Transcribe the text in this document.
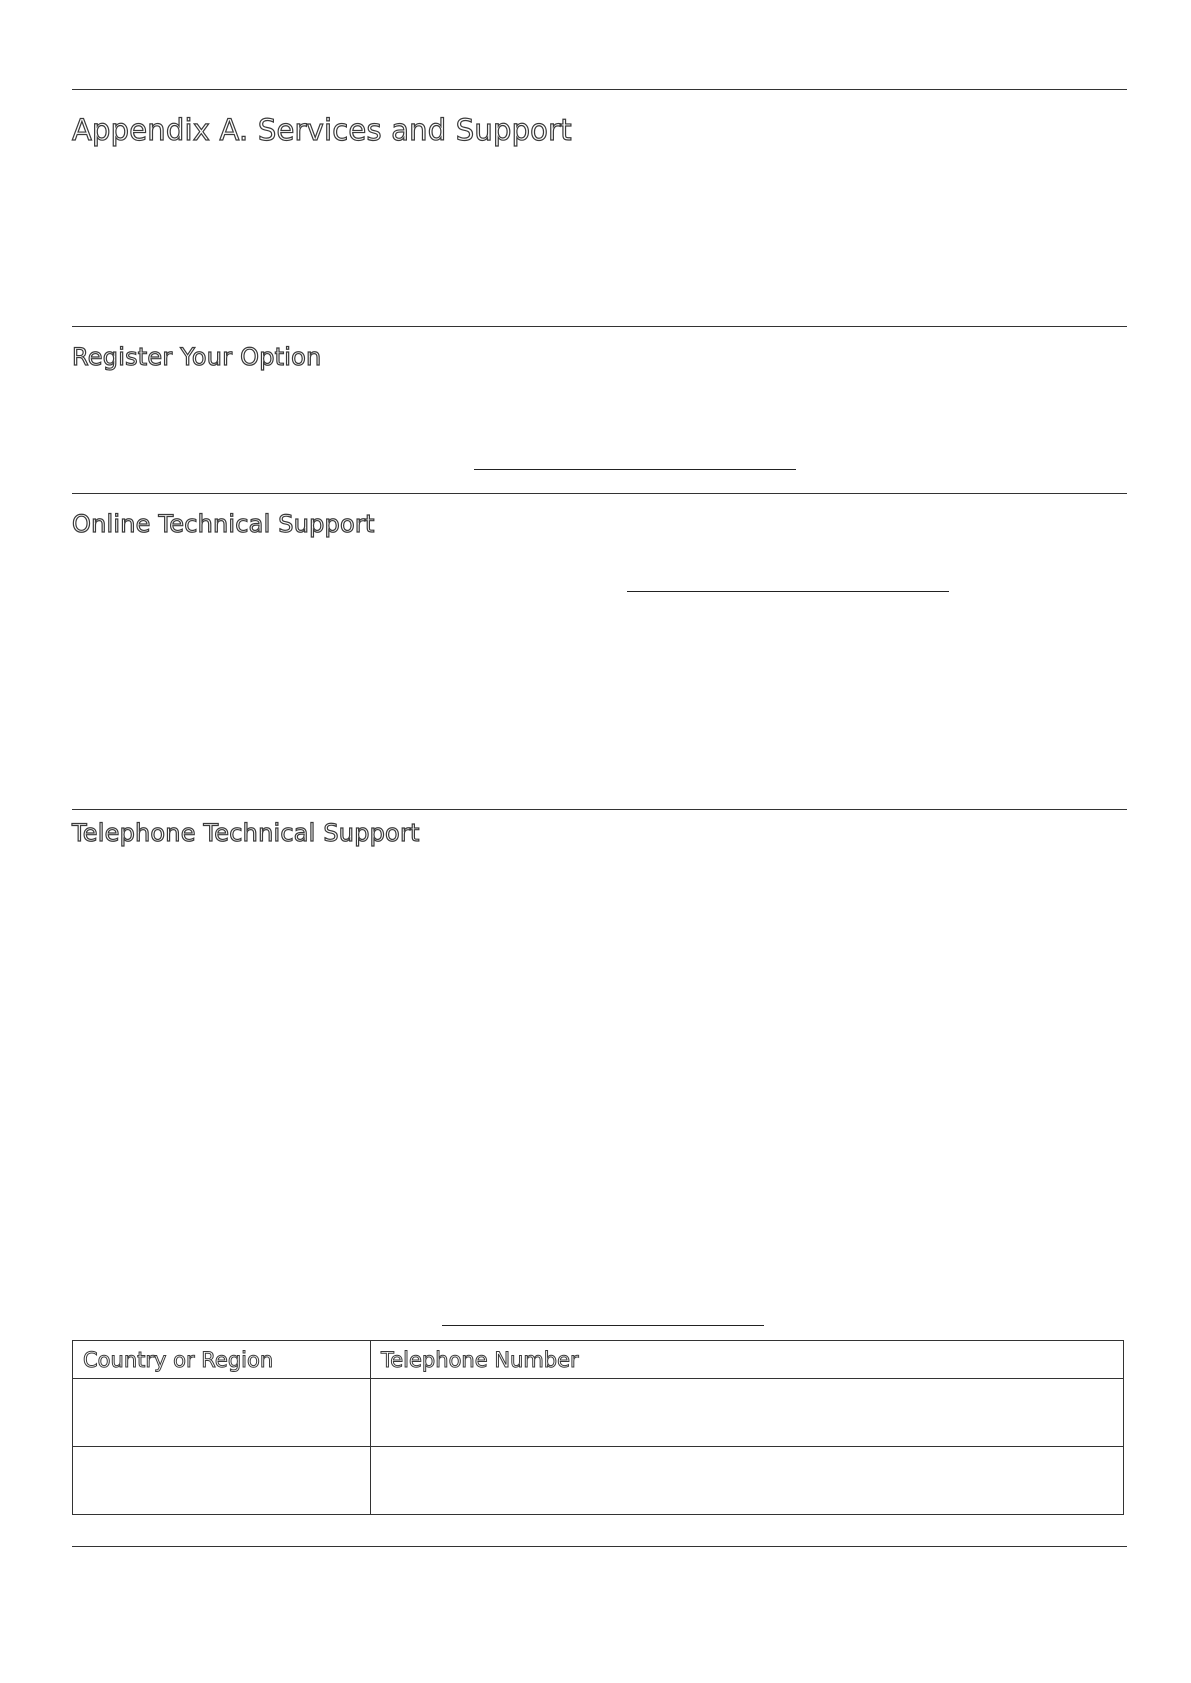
Appendix A. Services and Support
Register Your Option
Online Technical Support
Telephone Technical Support
Country or Region	Telephone Number
